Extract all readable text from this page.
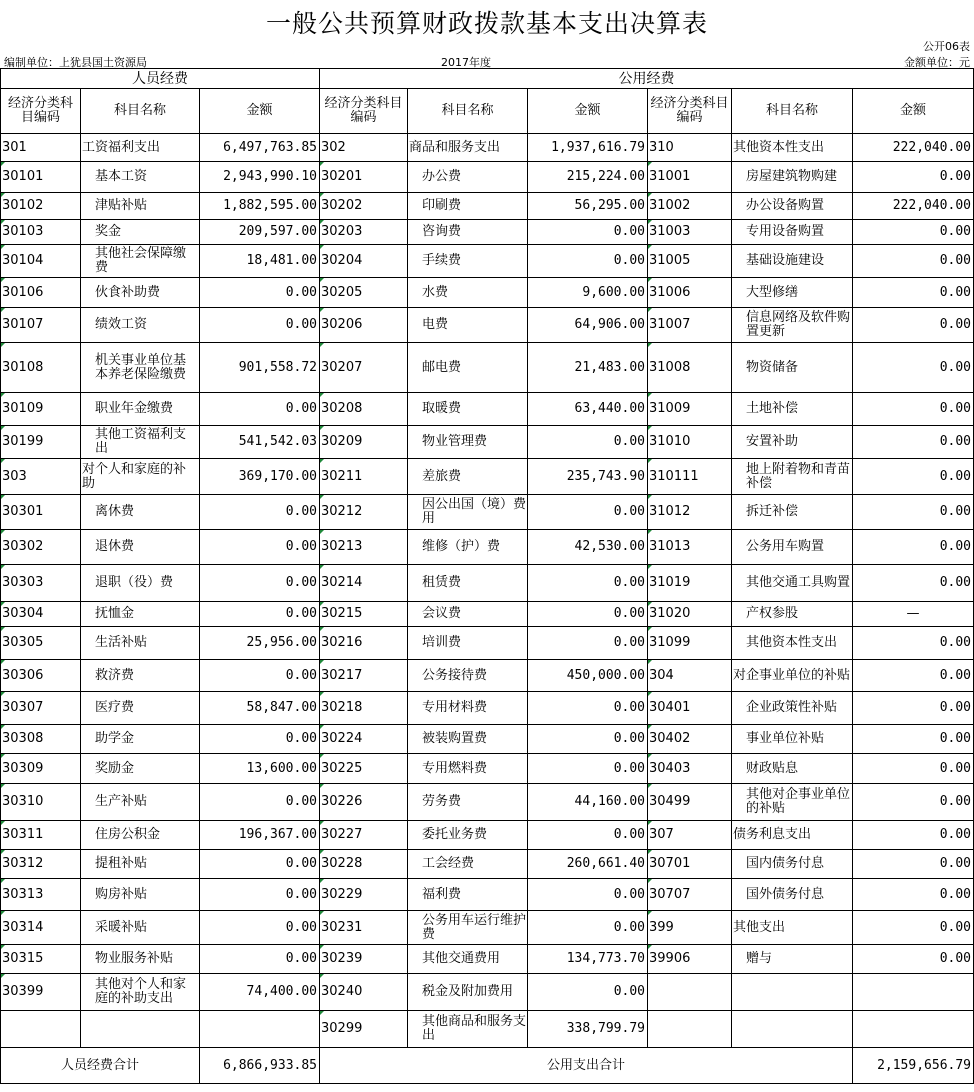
一般公共预算财政拨款基本支出决算表
公开06表
编制单位：上犹县国土资源局	2017年度	金额单位：元
人员经费			公用经费					
经济分类科目编码	科目名称	金额	经济分类科目编码	科目名称	金额	经济分类科目编码	科目名称	金额
301	工资福利支出	6,497,763.85	302	商品和服务支出	1,937,616.79	310	其他资本性支出	222,040.00
30101	基本工资	2,943,990.10	30201	办公费	215,224.00	31001	房屋建筑物购建	0.00
30102	津贴补贴	1,882,595.00	30202	印刷费	56,295.00	31002	办公设备购置	222,040.00
30103	奖金	209,597.00	30203	咨询费	0.00	31003	专用设备购置	0.00
30104	其他社会保障缴费	18,481.00	30204	手续费	0.00	31005	基础设施建设	0.00
30106	伙食补助费	0.00	30205	水费	9,600.00	31006	大型修缮	0.00
30107	绩效工资	0.00	30206	电费	64,906.00	31007	信息网络及软件购置更新	0.00
30108	机关事业单位基本养老保险缴费	901,558.72	30207	邮电费	21,483.00	31008	物资储备	0.00
30109	职业年金缴费	0.00	30208	取暖费	63,440.00	31009	土地补偿	0.00
30199	其他工资福利支出	541,542.03	30209	物业管理费	0.00	31010	安置补助	0.00
303	对个人和家庭的补助	369,170.00	30211	差旅费	235,743.90	310111	地上附着物和青苗补偿	0.00
30301	离休费	0.00	30212	因公出国（境）费用	0.00	31012	拆迁补偿	0.00
30302	退休费	0.00	30213	维修（护）费	42,530.00	31013	公务用车购置	0.00
30303	退职（役）费	0.00	30214	租赁费	0.00	31019	其他交通工具购置	0.00
30304	抚恤金	0.00	30215	会议费	0.00	31020	产权参股	—
30305	生活补贴	25,956.00	30216	培训费	0.00	31099	其他资本性支出	0.00
30306	救济费	0.00	30217	公务接待费	450,000.00	304	对企事业单位的补贴	0.00
30307	医疗费	58,847.00	30218	专用材料费	0.00	30401	企业政策性补贴	0.00
30308	助学金	0.00	30224	被装购置费	0.00	30402	事业单位补贴	0.00
30309	奖励金	13,600.00	30225	专用燃料费	0.00	30403	财政贴息	0.00
30310	生产补贴	0.00	30226	劳务费	44,160.00	30499	其他对企事业单位的补贴	0.00
30311	住房公积金	196,367.00	30227	委托业务费	0.00	307	债务利息支出	0.00
30312	提租补贴	0.00	30228	工会经费	260,661.40	30701	国内债务付息	0.00
30313	购房补贴	0.00	30229	福利费	0.00	30707	国外债务付息	0.00
30314	采暖补贴	0.00	30231	公务用车运行维护费	0.00	399	其他支出	0.00
30315	物业服务补贴	0.00	30239	其他交通费用	134,773.70	39906	赠与	0.00
30399	其他对个人和家庭的补助支出	74,400.00	30240	税金及附加费用	0.00			
			30299	其他商品和服务支出	338,799.79			
人员经费合计		6,866,933.85	公用支出合计					2,159,656.79
